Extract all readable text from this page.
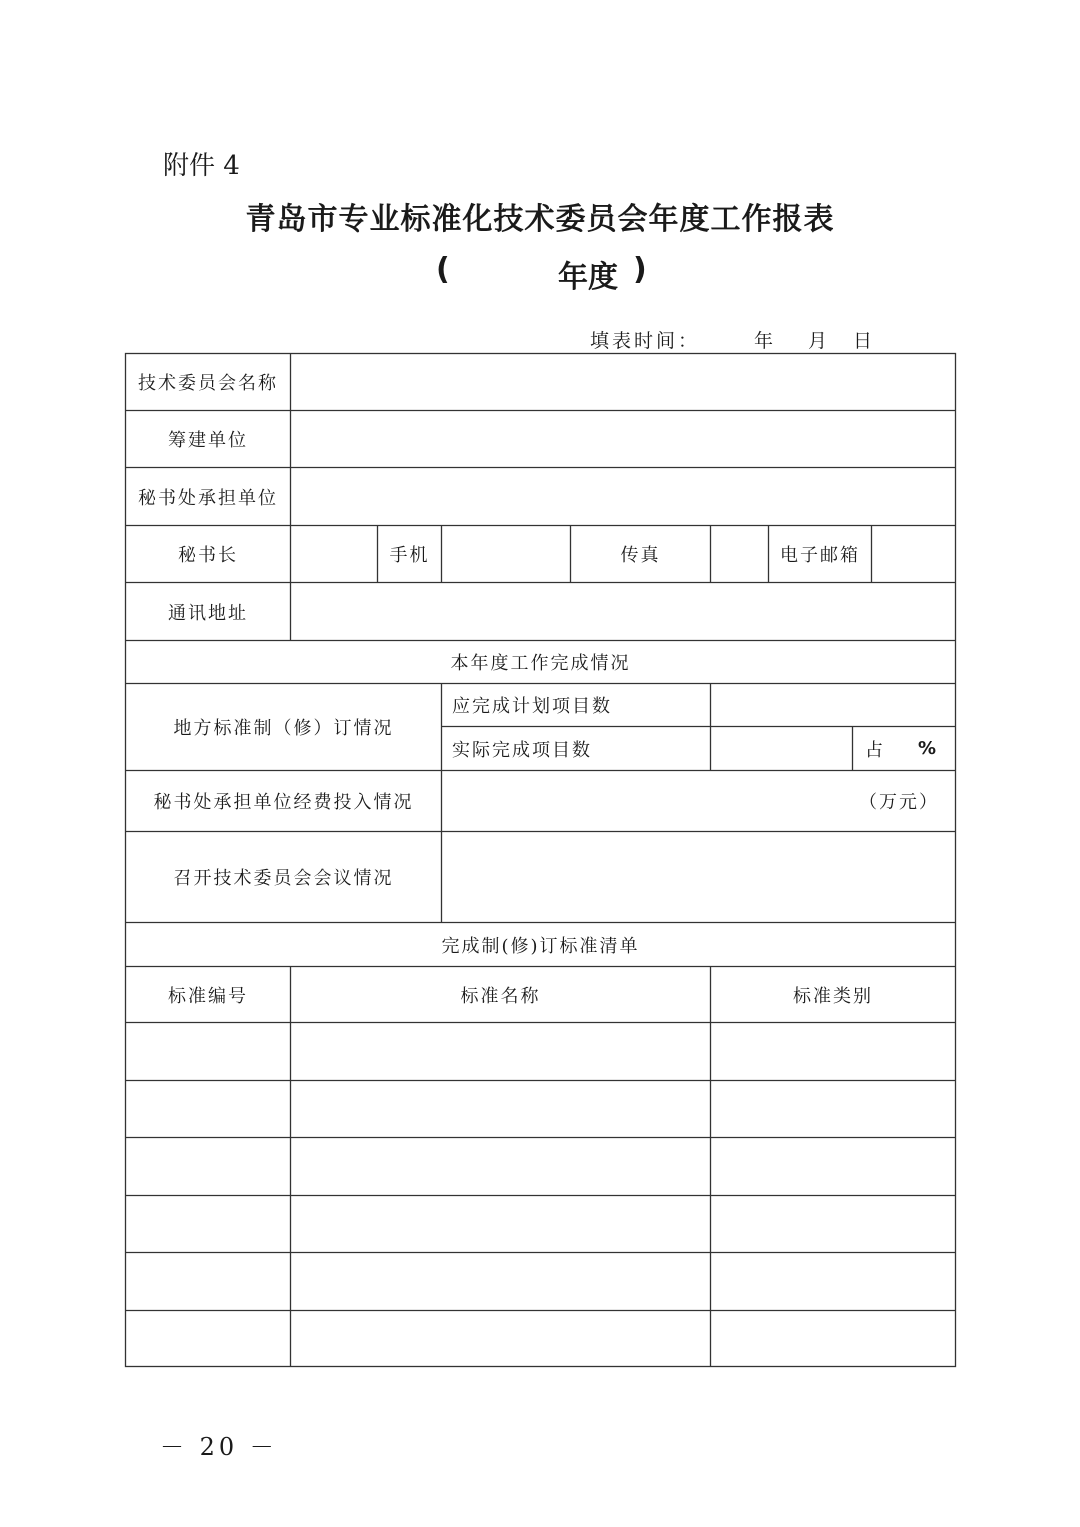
附件 4
青岛市专业标准化技术委员会年度工作报表
(	年度 )
填表时间：	年 月 日
技术委员会名称
筹建单位
秘书处承担单位
秘书长	手机	传真	电子邮箱
通讯地址
本年度工作完成情况
地方标准制（修）订情况
应完成计划项目数
实际完成项目数	占	%
秘书处承担单位经费投入情况	（万元）
召开技术委员会会议情况
完成制(修)订标准清单
标准编号	标准名称	标准类别
－ 20 －
